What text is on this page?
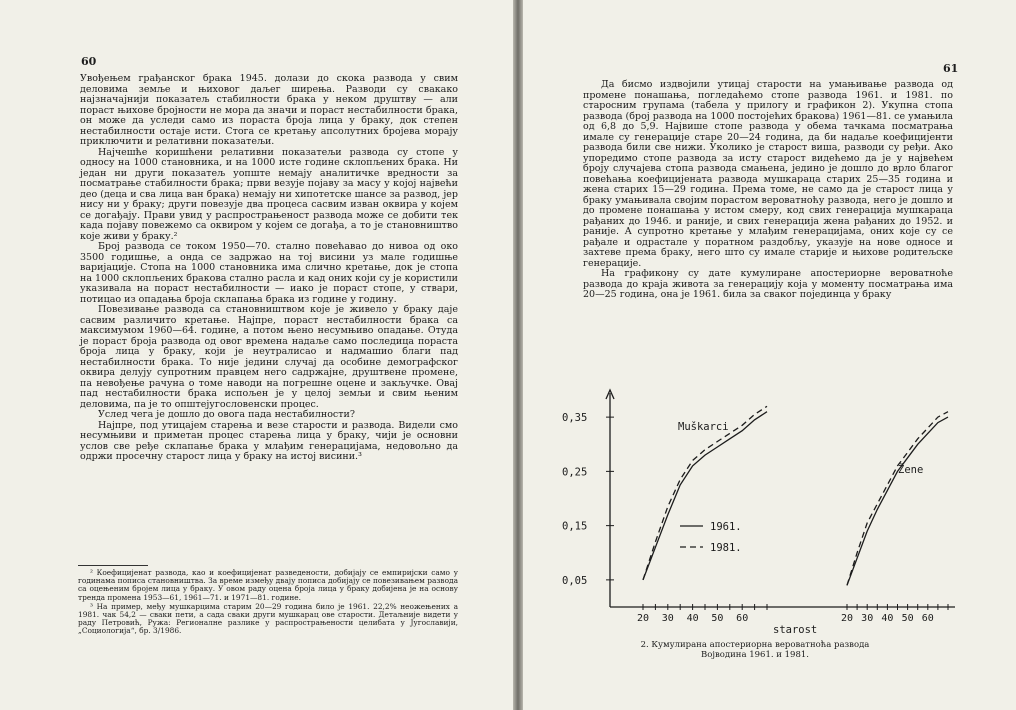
60

Увођењем грађанског брака 1945. долази до скока развода у свим деловима земље и њиховог даљег ширења. Разводи су свакако најзначајнији показатељ стабилности брака у неком друштву — али пораст њихове бројности не мора да значи и пораст нестабилности брака, он може да уследи само из пораста броја лица у браку, док степен нестабилности остаје исти. Стога се кретању апсолутних бројева морају приключити и релативни показатељи.

Најчешће коришћени релативни показатељи развода су стопе у односу на 1000 становника, и на 1000 исте године склопљених брака. Ни један ни други показатељ уопште немају аналитичке вредности за посматрање стабилности брака; први везује појаву за масу у којој највећи део (деца и сва лица ван брака) немају ни хипотетске шансе за развод, јер нису ни у браку; други повезује два процеса сасвим изван оквира у којем се догађају. Прави увид у распрострањеност развода може се добити тек када појаву повежемо са оквиром у којем се догађа, а то је становништво које живи у браку.²

Број развода се током 1950—70. стално повећавао до нивоа од око 3500 годишње, а онда се задржао на тој висини уз мале годишње варијације. Стопа на 1000 становника има слично кретање, док је стопа на 1000 склопљених бракова стално расла и кад оних који су је користили указивала на пораст нестабилности — иако је пораст стопе, у ствари, потицао из опадања броја склапања брака из године у годину.

Повезивање развода са становништвом које је живело у браку даје сасвим различито кретање. Најпре, пораст нестабилности брака са максимумом 1960—64. године, а потом њено несумњиво опадање. Отуда је пораст броја развода од овог времена надаље само последица пораста броја лица у браку, који је неутралисао и надмашио благи пад нестабилности брака. То није једини случај да особине демографског оквира делују супротним правцем него садржајне, друштвене промене, па невођење рачуна о томе наводи на погрешне оцене и закључке. Овај пад нестабилности брака испољен је у целој земљи и свим њеним деловима, па је то општејугословенски процес.

Услед чега је дошло до овога пада нестабилности?

Најпре, под утицајем старења и везе старости и развода. Видели смо несумњиви и приметан процес старења лица у браку, чији је основни услов све ређе склапање брака у млађим генерацијама, недовољно да одржи просечну старост лица у браку на истој висини.³

² Коефицијенат развода, као и коефицијенат разведености, добијају се емпиријски само у годинама пописа становништва. За време између двају пописа добијају се повезивањем развода са оцењеним бројем лица у браку. У овом раду оцена броја лица у браку добијена је на основу тренда промена 1953—61, 1961—71. и 1971—81. године.

³ На пример, међу мушкарцима старим 20—29 година било је 1961. 22,2% неожењених а 1981. чак 54,2 — сваки пети, а сада сваки други мушкарац ове старости. Детаљније видети у раду Петровић, Ружа: Регионалне разлике у распрострањености целибата у Југославији, „Социологија“, бр. 3/1986.

61

Да бисмо издвојили утицај старости на умањивање развода од промене понашања, погледаћемо стопе развода 1961. и 1981. по старосним групама (табела у прилогу и графикон 2). Укупна стопа развода (број развода на 1000 постојећих бракова) 1961—81. се умањила од 6,8 до 5,9. Највише стопе развода у обема тачкама посматрања имале су генерације старе 20—24 година, да би надаље коефицијенти развода били све нижи. Уколико је старост виша, разводи су ређи. Ако упоредимо стопе развода за исту старост видећемо да је у највећем броју случајева стопа развода смањена, једино је дошло до врло благог повећања коефицијената развода мушкараца старих 25—35 година и жена старих 15—29 година. Према томе, не само да је старост лица у браку умањивала својим порастом вероватноћу развода, него је дошло и до промене понашања у истом смеру, код свих генерација мушкараца рађаних до 1946. и раније, и свих генерација жена рађаних до 1952. и раније. А супротно кретање у млађим генерацијама, оних које су се рађале и одрастале у поратном раздобљу, указује на нове односе и захтеве према браку, него што су имале старије и њихове родитељске генерације.

На графикону су дате кумулиране апостериорне вероватноће развода до краја живота за генерацију која у моменту посматрања има 20—25 година, она је 1961. била за сваког појединца у браку

0,05
0,15
0,25
0,35
20 30 40 50 60	20 30 40 50 60
Muškarci
Žene
1961.
1981.
starost
2. Кумулирана апостериорна вероватноћа развода
Војводина 1961. и 1981.
